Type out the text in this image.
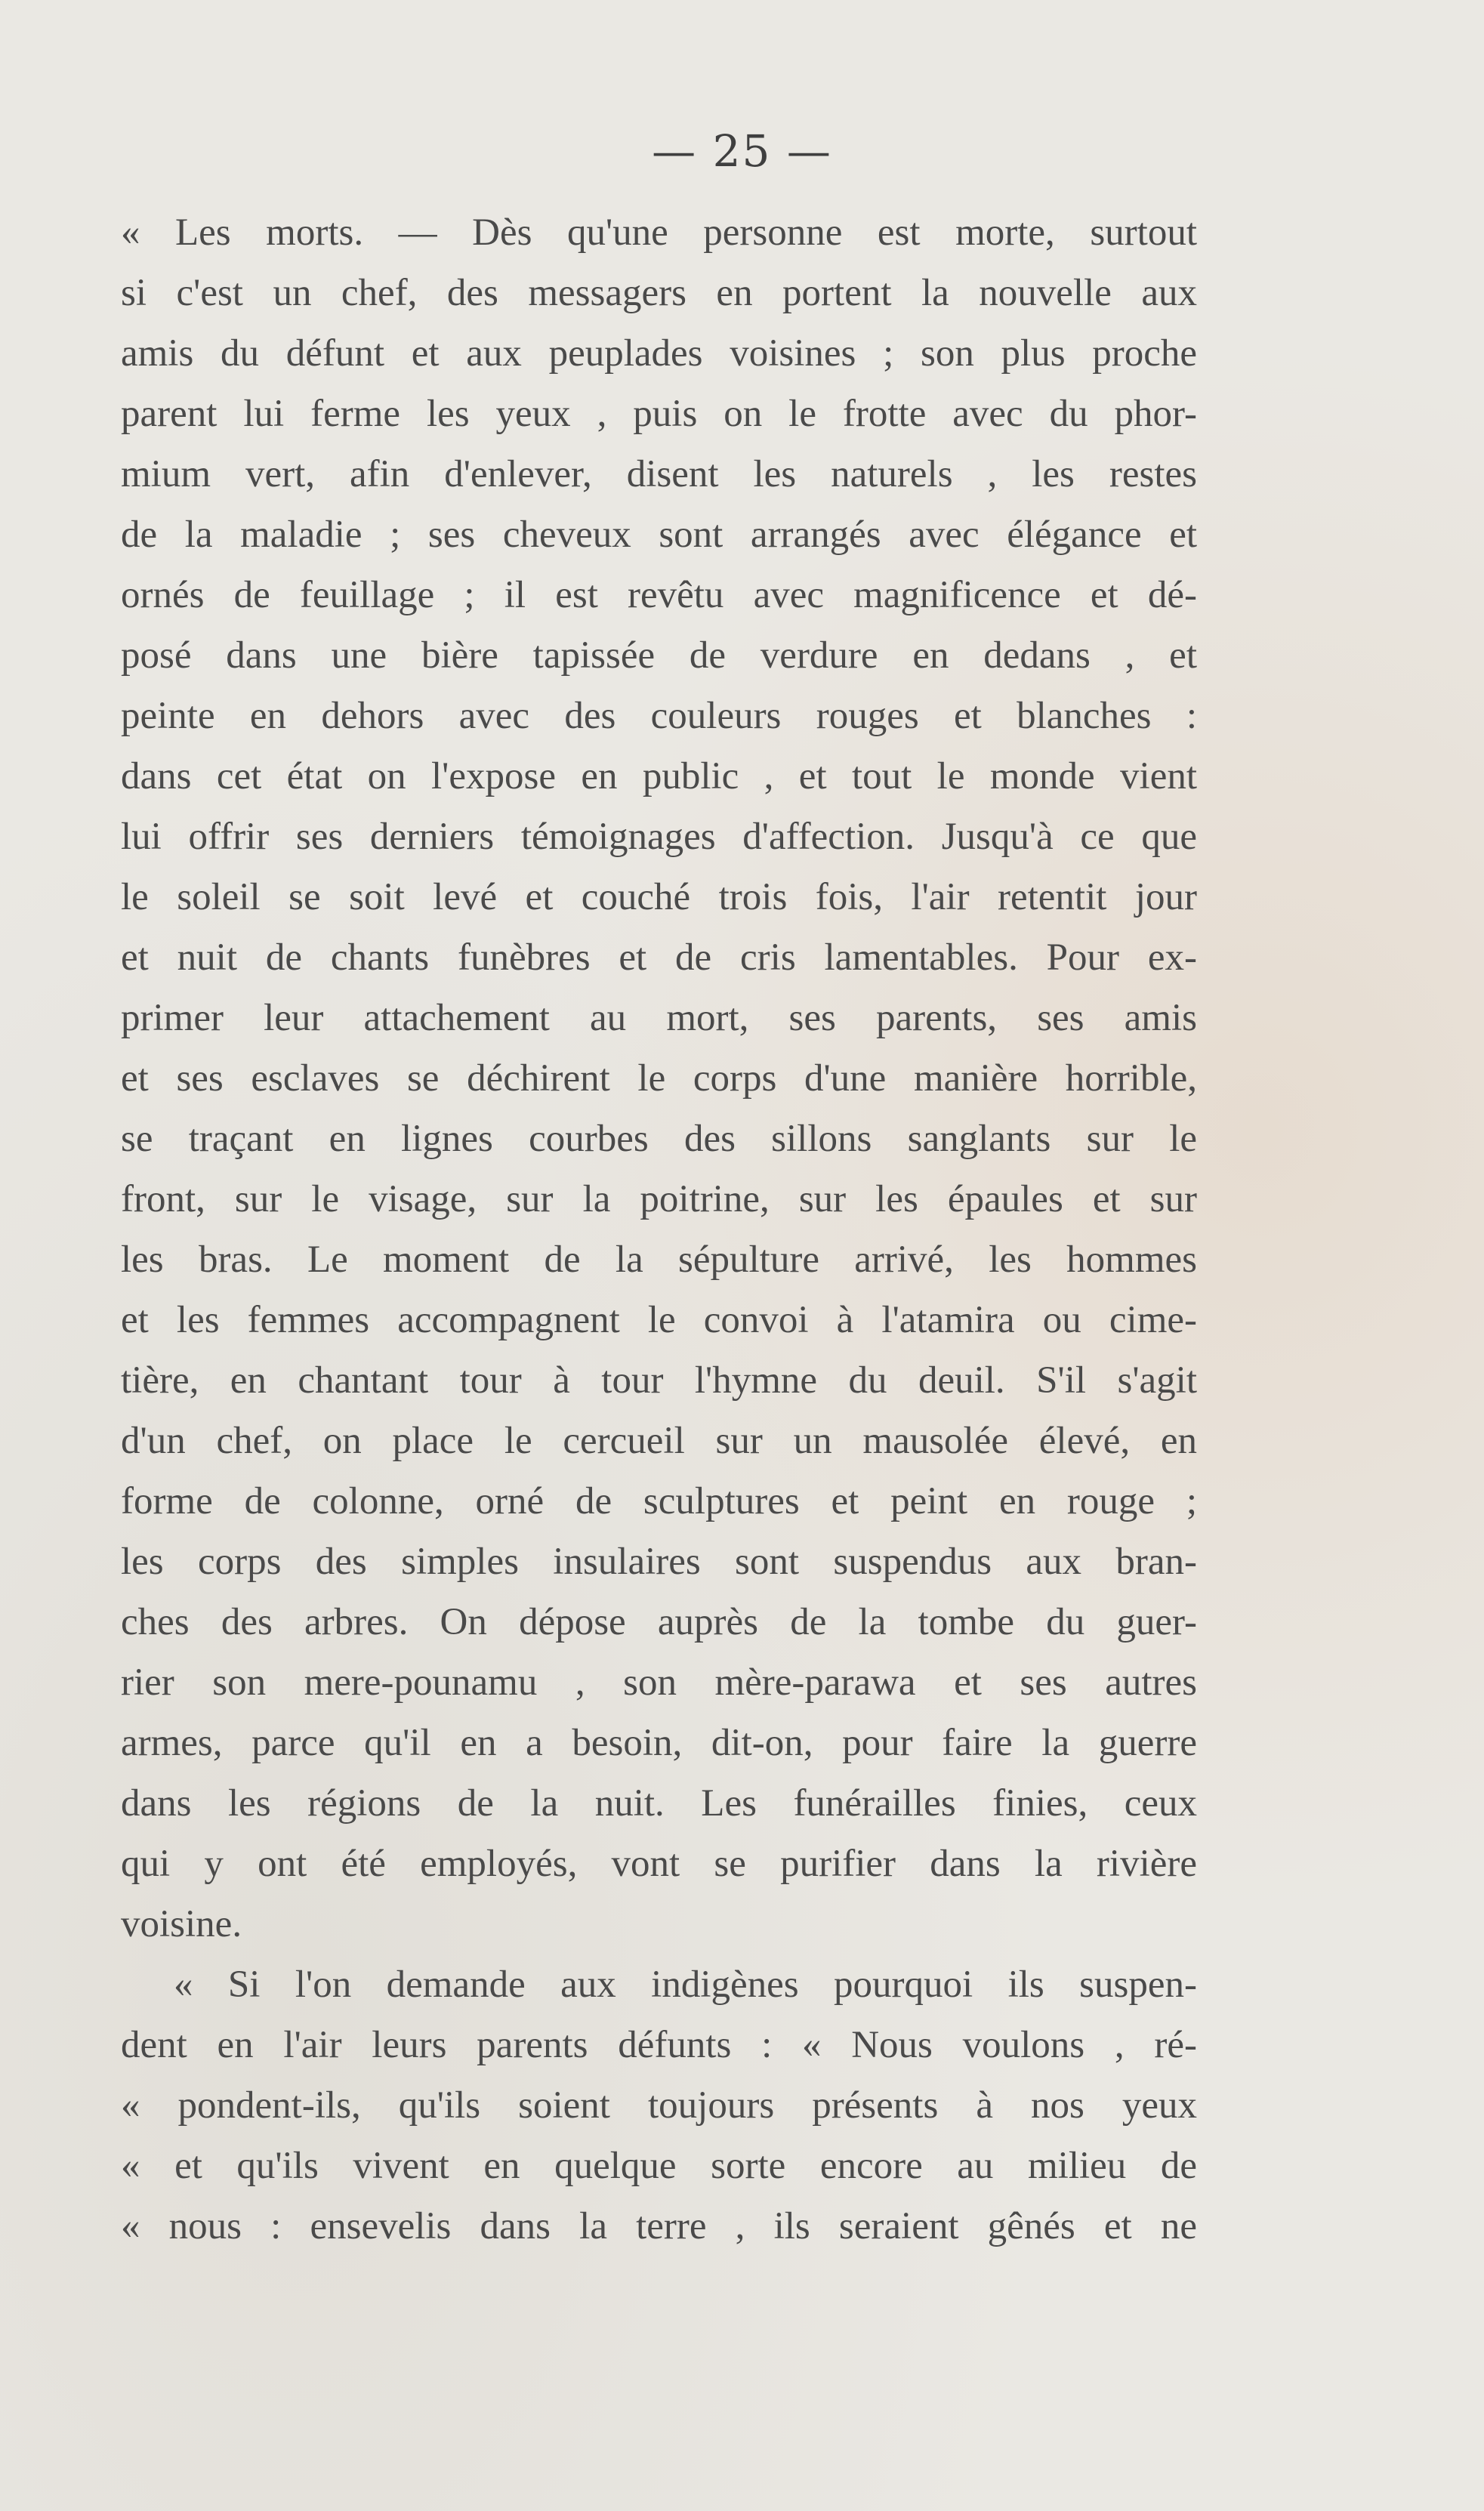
— 25 —
« Les morts. — Dès qu'une personne est morte, surtout
si c'est un chef, des messagers en portent la nouvelle aux
amis du défunt et aux peuplades voisines ; son plus proche
parent lui ferme les yeux , puis on le frotte avec du phor-
mium vert, afin d'enlever, disent les naturels , les restes
de la maladie ; ses cheveux sont arrangés avec élégance et
ornés de feuillage ; il est revêtu avec magnificence et dé-
posé dans une bière tapissée de verdure en dedans , et
peinte en dehors avec des couleurs rouges et blanches :
dans cet état on l'expose en public , et tout le monde vient
lui offrir ses derniers témoignages d'affection. Jusqu'à ce que
le soleil se soit levé et couché trois fois, l'air retentit jour
et nuit de chants funèbres et de cris lamentables. Pour ex-
primer leur attachement au mort, ses parents, ses amis
et ses esclaves se déchirent le corps d'une manière horrible,
se traçant en lignes courbes des sillons sanglants sur le
front, sur le visage, sur la poitrine, sur les épaules et sur
les bras. Le moment de la sépulture arrivé, les hommes
et les femmes accompagnent le convoi à l'atamira ou cime-
tière, en chantant tour à tour l'hymne du deuil. S'il s'agit
d'un chef, on place le cercueil sur un mausolée élevé, en
forme de colonne, orné de sculptures et peint en rouge ;
les corps des simples insulaires sont suspendus aux bran-
ches des arbres. On dépose auprès de la tombe du guer-
rier son mere-pounamu , son mère-parawa et ses autres
armes, parce qu'il en a besoin, dit-on, pour faire la guerre
dans les régions de la nuit. Les funérailles finies, ceux
qui y ont été employés, vont se purifier dans la rivière
voisine.
« Si l'on demande aux indigènes pourquoi ils suspen-
dent en l'air leurs parents défunts : « Nous voulons , ré-
« pondent-ils, qu'ils soient toujours présents à nos yeux
« et qu'ils vivent en quelque sorte encore au milieu de
« nous : ensevelis dans la terre , ils seraient gênés et ne
